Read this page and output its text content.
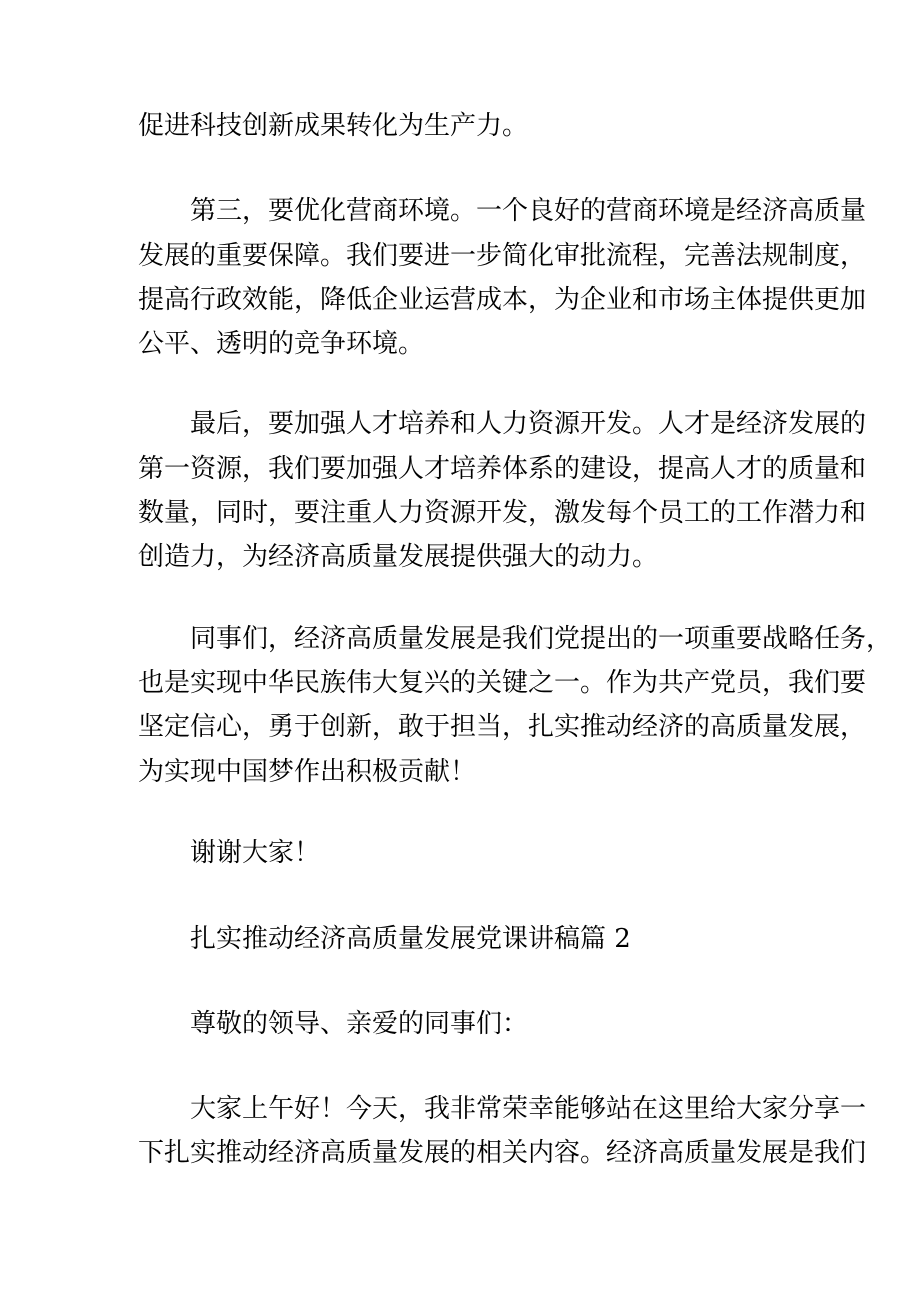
促进科技创新成果转化为生产力。
第三，要优化营商环境。一个良好的营商环境是经济高质量
发展的重要保障。我们要进一步简化审批流程，完善法规制度，
提高行政效能，降低企业运营成本，为企业和市场主体提供更加
公平、透明的竞争环境。
最后，要加强人才培养和人力资源开发。人才是经济发展的
第一资源，我们要加强人才培养体系的建设，提高人才的质量和
数量，同时，要注重人力资源开发，激发每个员工的工作潜力和
创造力，为经济高质量发展提供强大的动力。
同事们，经济高质量发展是我们党提出的一项重要战略任务，
也是实现中华民族伟大复兴的关键之一。作为共产党员，我们要
坚定信心，勇于创新，敢于担当，扎实推动经济的高质量发展，
为实现中国梦作出积极贡献！
谢谢大家！
扎实推动经济高质量发展党课讲稿篇 2
尊敬的领导、亲爱的同事们：
大家上午好！今天，我非常荣幸能够站在这里给大家分享一
下扎实推动经济高质量发展的相关内容。经济高质量发展是我们
